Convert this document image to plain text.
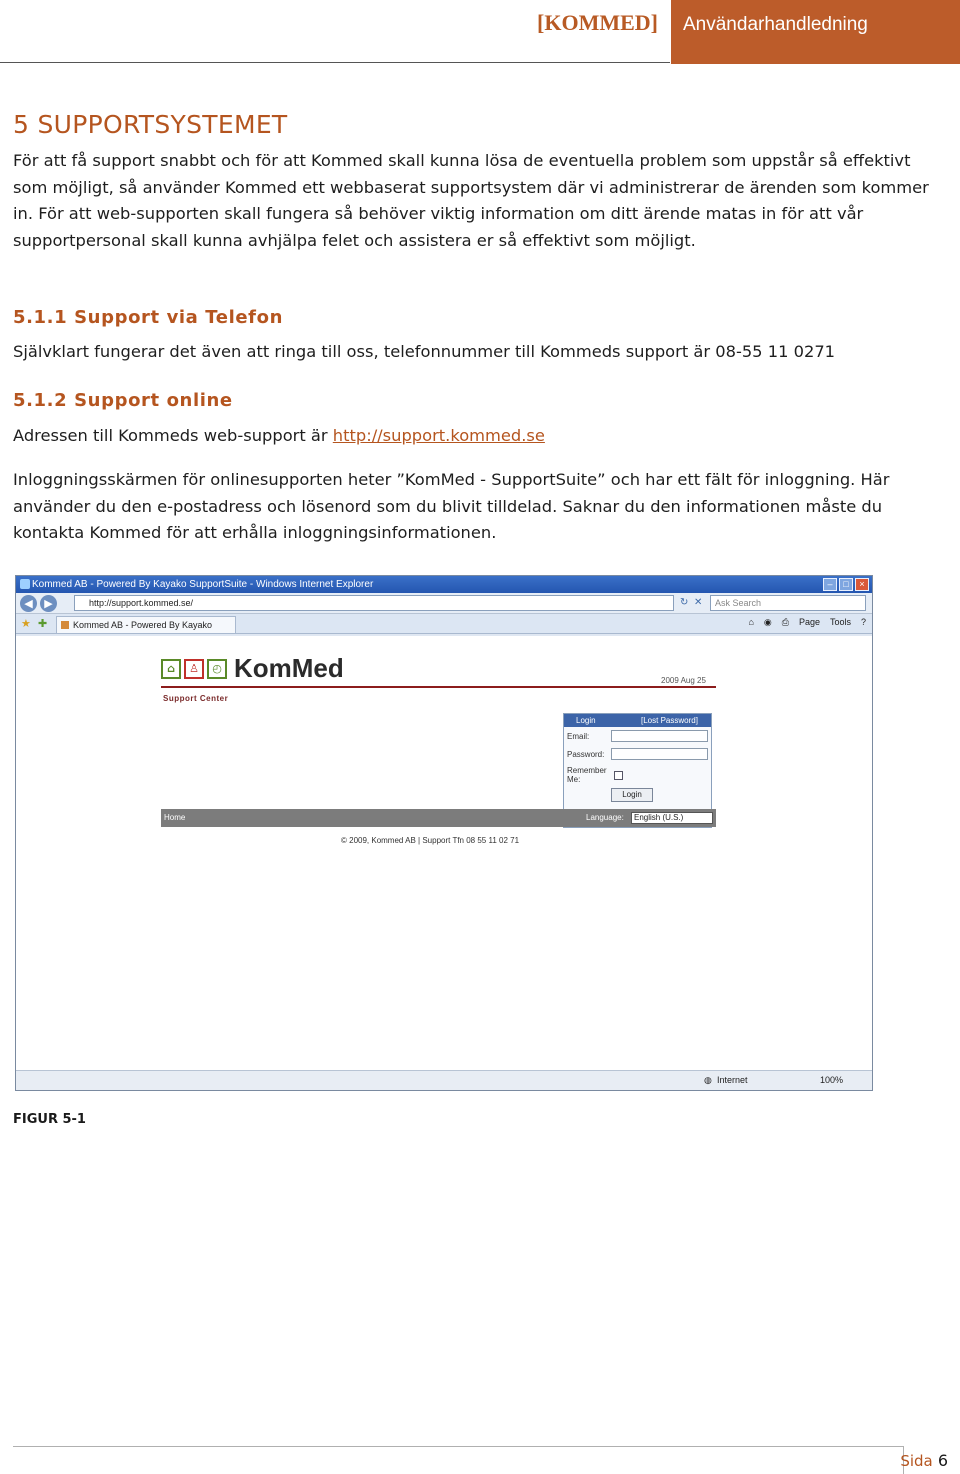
[KOMMED] Användarhandledning
5 SUPPORTSYSTEMET

För att få support snabbt och för att Kommed skall kunna lösa de eventuella problem som uppstår så effektivt som möjligt, så använder Kommed ett webbaserat supportsystem där vi administrerar de ärenden som kommer in. För att web-supporten skall fungera så behöver viktig information om ditt ärende matas in för att vår supportpersonal skall kunna avhjälpa felet och assistera er så effektivt som möjligt.

5.1.1 Support via Telefon

Självklart fungerar det även att ringa till oss, telefonnummer till Kommeds support är 08-55 11 0271

5.1.2 Support online

Adressen till Kommeds web-support är http://support.kommed.se

Inloggningsskärmen för onlinesupporten heter ”KomMed - SupportSuite” och har ett fält för inloggning. Här använder du den e-postadress och lösenord som du blivit tilldelad. Saknar du den informationen måste du kontakta Kommed för att erhålla inloggningsinformationen.

Kommed AB - Powered By Kayako SupportSuite - Windows Internet Explorer	–	□	×
◀	▶	http://support.kommed.se/	↻ ✕	Ask Search
★ ✚	Kommed AB - Powered By Kayako	⌂ ◉ ⎙ Page Tools ?
⌂	♙	◴ KomMed	2009 Aug 25
Support Center
Login	[Lost Password]
Email:
Password:
Remember Me:
Login
Home	Language:	English (U.S.)
© 2009, Kommed AB | Support Tfn 08 55 11 02 71
◍ Internet	100%
FIGUR 5-1
Sida 6
